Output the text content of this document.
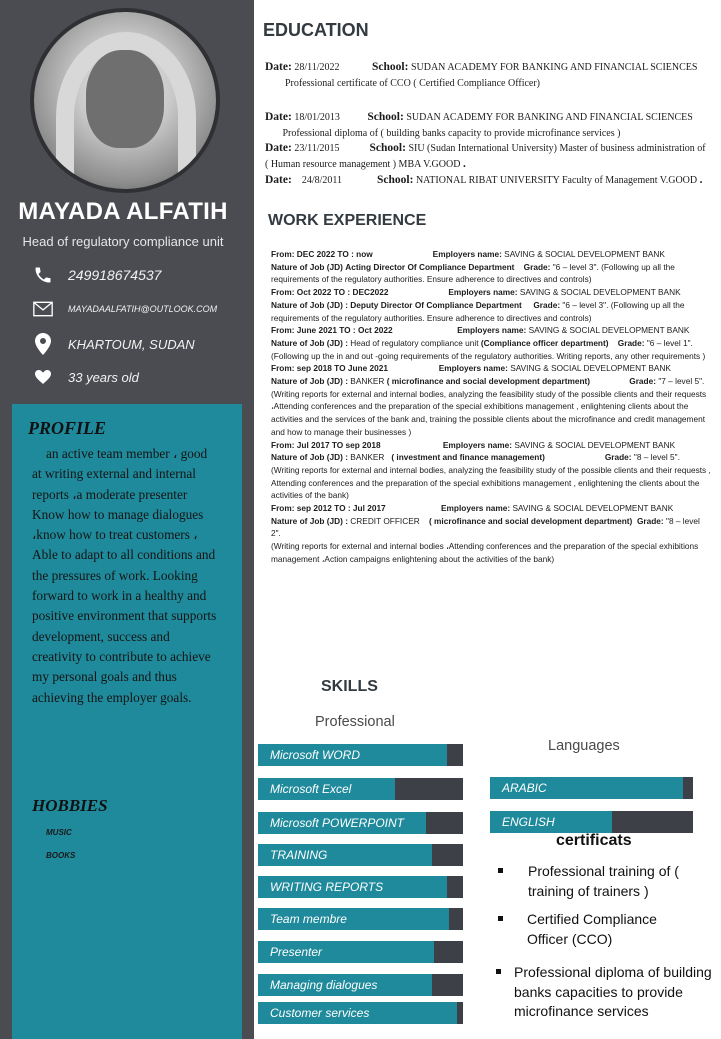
MAYADA ALFATIH
Head of regulatory compliance unit
249918674537
MAYADAALFATIH@OUTLOOK.COM
KHARTOUM, SUDAN
33 years old
PROFILE
an active team member ، good at writing external and internal reports ،a moderate presenter Know how to manage dialogues ،know how to treat customers ، Able to adapt to all conditions and the pressures of work. Looking forward to work in a healthy and positive environment that supports development, success and creativity to contribute to achieve my personal goals and thus achieving the employer goals.
HOBBIES
MUSIC
BOOKS
EDUCATION
Date: 28/11/2022	School: SUDAN ACADEMY FOR BANKING AND FINANCIAL SCIENCES         Professional certificate of CCO ( Certified Compliance Officer)
Date: 18/01/2013 School: SUDAN ACADEMY FOR BANKING AND FINANCIAL SCIENCES        Professional diploma of ( building banks capacity to provide microfinance services )
Date: 23/11/2015	School: SIU (Sudan International University) Master of business administration of ( Human resource management ) MBA V.GOOD .
Date: 24/8/2011	School: NATIONAL RIBAT UNIVERSITY Faculty of Management V.GOOD .
WORK EXPERIENCE

From: DEC 2022 TO : now	Employers name: SAVING & SOCIAL DEVELOPMENT BANK

Nature of Job (JD) Acting Director Of Compliance Department Grade: "6 – level 3". (Following up all the requirements of the regulatory authorities. Ensure adherence to directives and controls)

From: Oct 2022 TO : DEC2022	Employers name: SAVING & SOCIAL DEVELOPMENT BANK

Nature of Job (JD) : Deputy Director Of Compliance Department Grade: "6 – level 3". (Following up all the requirements of the regulatory authorities. Ensure adherence to directives and controls)

From: June 2021 TO : Oct 2022	Employers name: SAVING & SOCIAL DEVELOPMENT BANK

Nature of Job (JD) : Head of regulatory compliance unit (Compliance officer department) Grade: "6 – level 1". (Following up the in and out -going requirements of the regulatory authorities. Writing reports, any other requirements )

From: sep 2018 TO June 2021	Employers name: SAVING & SOCIAL DEVELOPMENT BANK

Nature of Job (JD) : BANKER ( microfinance and social development department)	Grade: "7 – level 5".

(Writing reports for external and internal bodies, analyzing the feasibility study of the possible clients and their requests ،Attending conferences and the preparation of the special exhibitions management , enlightening clients about the activities and the services of the bank and, training the possible clients about the microfinance and credit management and how to manage their businesses )

From: Jul 2017 TO sep 2018	Employers name: SAVING & SOCIAL DEVELOPMENT BANK

Nature of Job (JD) : BANKER ( investment and finance management)	Grade: "8 – level 5".

(Writing reports for external and internal bodies, analyzing the feasibility study of the possible clients and their requests , Attending conferences and the preparation of the special exhibitions management , enlightening the clients about the activities of the bank)

From: sep 2012 TO : Jul 2017	Employers name: SAVING & SOCIAL DEVELOPMENT BANK

Nature of Job (JD) : CREDIT OFFICER ( microfinance and social development department) Grade: "8 – level 2".

(Writing reports for external and internal bodies ،Attending conferences and the preparation of the special exhibitions management ،Action campaigns enlightening about the activities of the bank)

SKILLS
Professional
Languages
Microsoft WORD
Microsoft Excel
Microsoft POWERPOINT
TRAINING
WRITING REPORTS
Team membre
Presenter
Managing dialogues
Customer services
ARABIC
ENGLISH
certificats
Professional training of ( training of trainers )
Certified Compliance Officer (CCO)
Professional diploma of building banks capacities to provide microfinance services
